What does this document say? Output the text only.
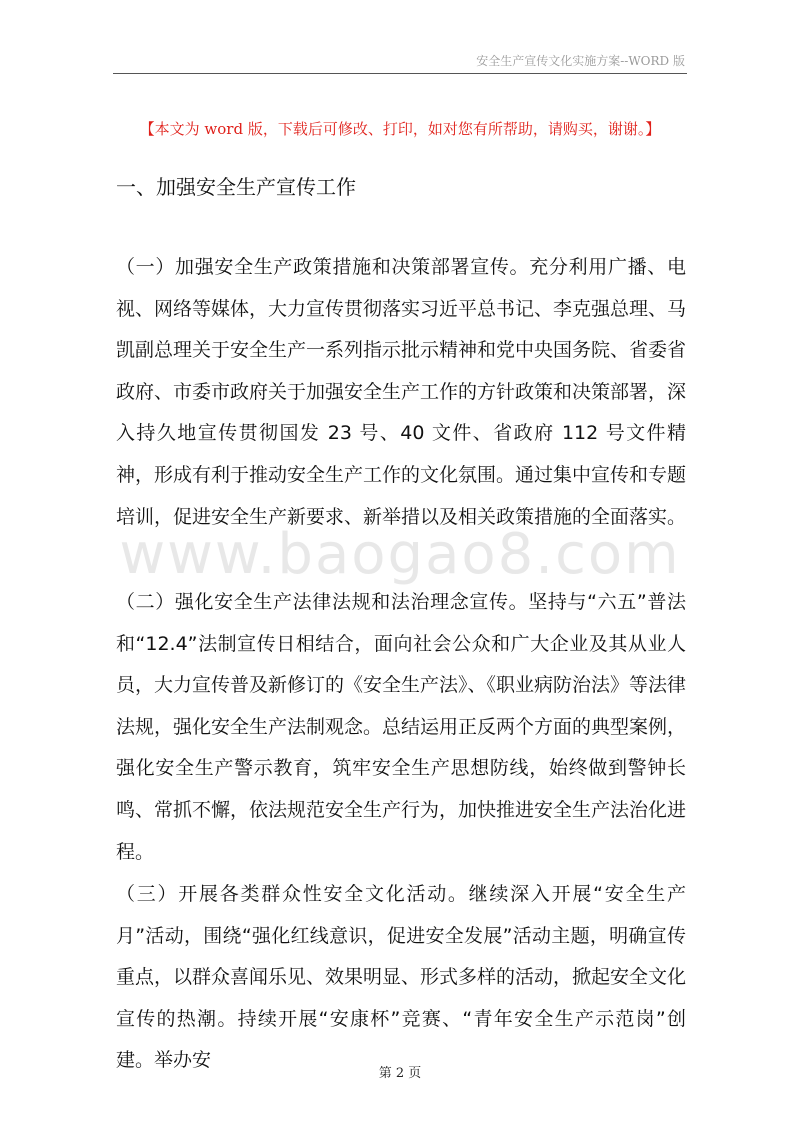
安全生产宣传文化实施方案--WORD 版
【本文为 word 版，下载后可修改、打印，如对您有所帮助，请购买，谢谢。】
一、加强安全生产宣传工作
（一）加强安全生产政策措施和决策部署宣传。充分利用广播、电视、网络等媒体，大力宣传贯彻落实习近平总书记、李克强总理、马凯副总理关于安全生产一系列指示批示精神和党中央国务院、省委省政府、市委市政府关于加强安全生产工作的方针政策和决策部署，深入持久地宣传贯彻国发 23 号、40 文件、省政府 112 号文件精神，形成有利于推动安全生产工作的文化氛围。通过集中宣传和专题培训，促进安全生产新要求、新举措以及相关政策措施的全面落实。
www.baogao8.com
（二）强化安全生产法律法规和法治理念宣传。坚持与“六五”普法和“12.4”法制宣传日相结合，面向社会公众和广大企业及其从业人员，大力宣传普及新修订的《安全生产法》、《职业病防治法》等法律法规，强化安全生产法制观念。总结运用正反两个方面的典型案例，强化安全生产警示教育，筑牢安全生产思想防线，始终做到警钟长鸣、常抓不懈，依法规范安全生产行为，加快推进安全生产法治化进程。
（三）开展各类群众性安全文化活动。继续深入开展“安全生产月”活动，围绕“强化红线意识，促进安全发展”活动主题，明确宣传重点，以群众喜闻乐见、效果明显、形式多样的活动，掀起安全文化宣传的热潮。持续开展“安康杯”竞赛、“青年安全生产示范岗”创建。举办安
第 2 页
